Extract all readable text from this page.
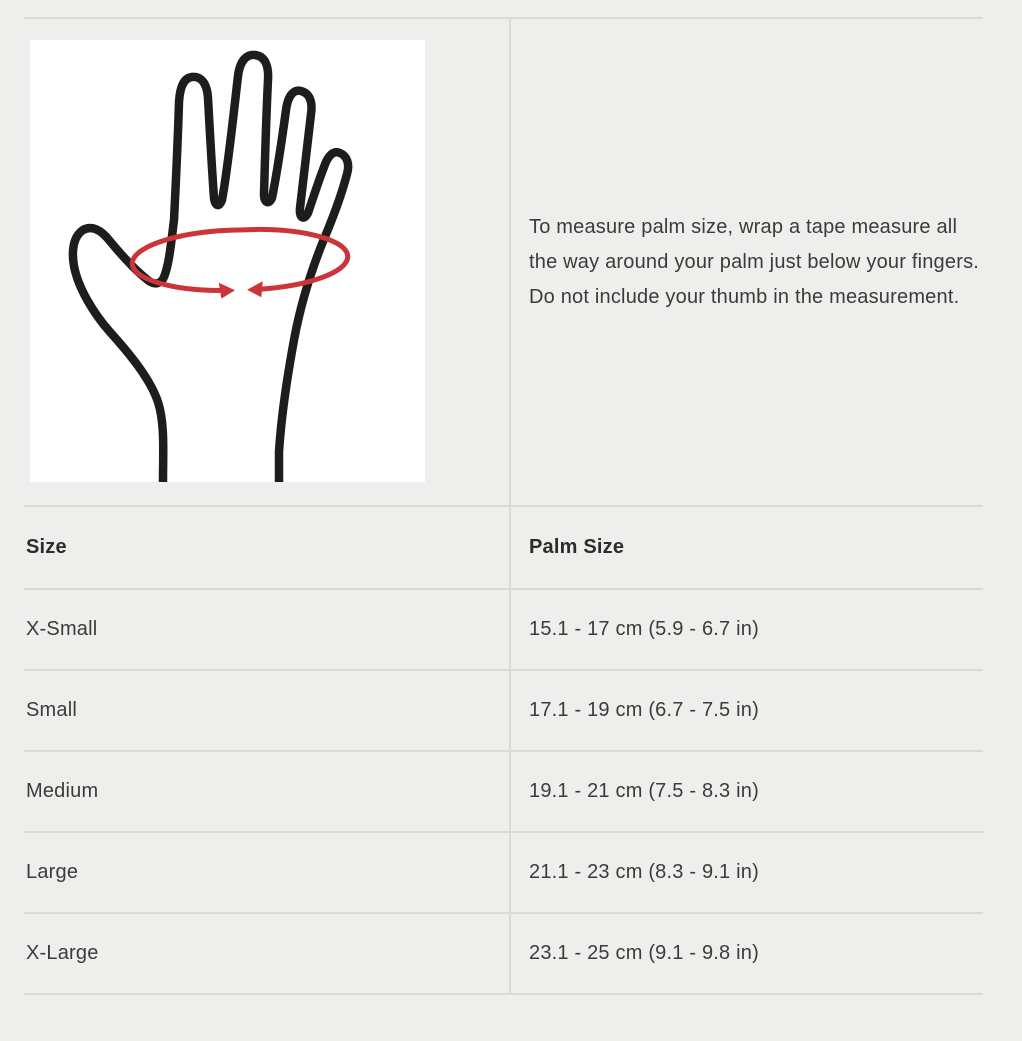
To measure palm size, wrap a tape measure all the way around your palm just below your fingers. Do not include your thumb in the measurement.

Size	Palm Size
X-Small	15.1 - 17 cm (5.9 - 6.7 in)
Small	17.1 - 19 cm (6.7 - 7.5 in)
Medium	19.1 - 21 cm (7.5 - 8.3 in)
Large	21.1 - 23 cm (8.3 - 9.1 in)
X-Large	23.1 - 25 cm (9.1 - 9.8 in)
